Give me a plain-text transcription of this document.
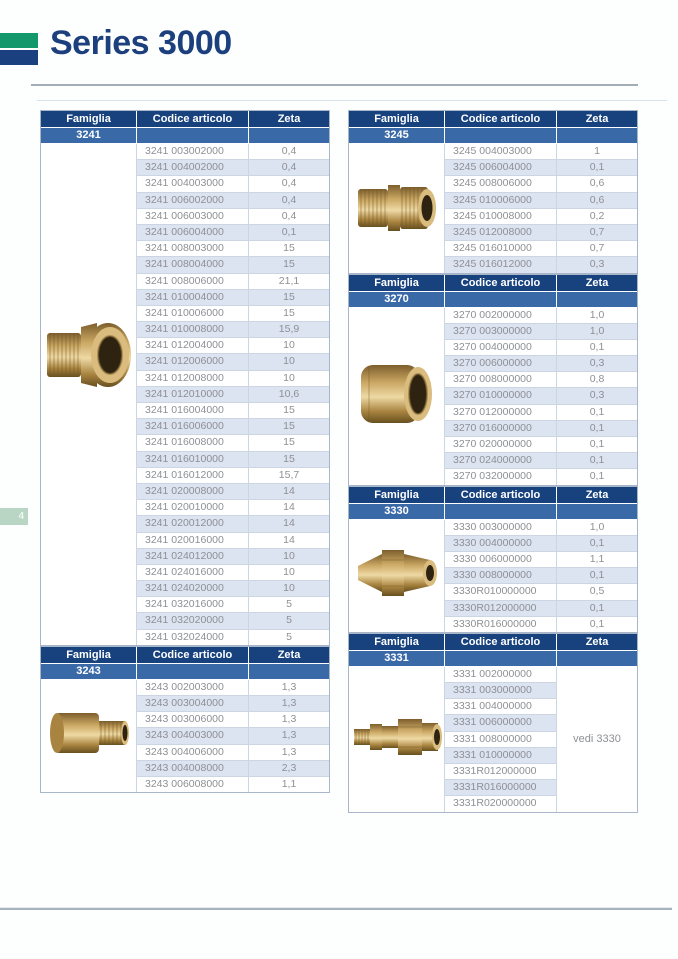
Series 3000
4
Famiglia	Codice articolo	Zeta
3241
3241 003002000	0,4
3241 004002000	0,4
3241 004003000	0,4
3241 006002000	0,4
3241 006003000	0,4
3241 006004000	0,1
3241 008003000	15
3241 008004000	15
3241 008006000	21,1
3241 010004000	15
3241 010006000	15
3241 010008000	15,9
3241 012004000	10
3241 012006000	10
3241 012008000	10
3241 012010000	10,6
3241 016004000	15
3241 016006000	15
3241 016008000	15
3241 016010000	15
3241 016012000	15,7
3241 020008000	14
3241 020010000	14
3241 020012000	14
3241 020016000	14
3241 024012000	10
3241 024016000	10
3241 024020000	10
3241 032016000	5
3241 032020000	5
3241 032024000	5
Famiglia	Codice articolo	Zeta
3243
3243 002003000	1,3
3243 003004000	1,3
3243 003006000	1,3
3243 004003000	1,3
3243 004006000	1,3
3243 004008000	2,3
3243 006008000	1,1
Famiglia	Codice articolo	Zeta
3245
3245 004003000	1
3245 006004000	0,1
3245 008006000	0,6
3245 010006000	0,6
3245 010008000	0,2
3245 012008000	0,7
3245 016010000	0,7
3245 016012000	0,3
Famiglia	Codice articolo	Zeta
3270
3270 002000000	1,0
3270 003000000	1,0
3270 004000000	0,1
3270 006000000	0,3
3270 008000000	0,8
3270 010000000	0,3
3270 012000000	0,1
3270 016000000	0,1
3270 020000000	0,1
3270 024000000	0,1
3270 032000000	0,1
Famiglia	Codice articolo	Zeta
3330
3330 003000000	1,0
3330 004000000	0,1
3330 006000000	1,1
3330 008000000	0,1
3330R010000000	0,5
3330R012000000	0,1
3330R016000000	0,1
Famiglia	Codice articolo	Zeta
3331
3331 002000000
3331 003000000
3331 004000000
3331 006000000
3331 008000000
3331 010000000
3331R012000000
3331R016000000
3331R020000000
vedi 3330
